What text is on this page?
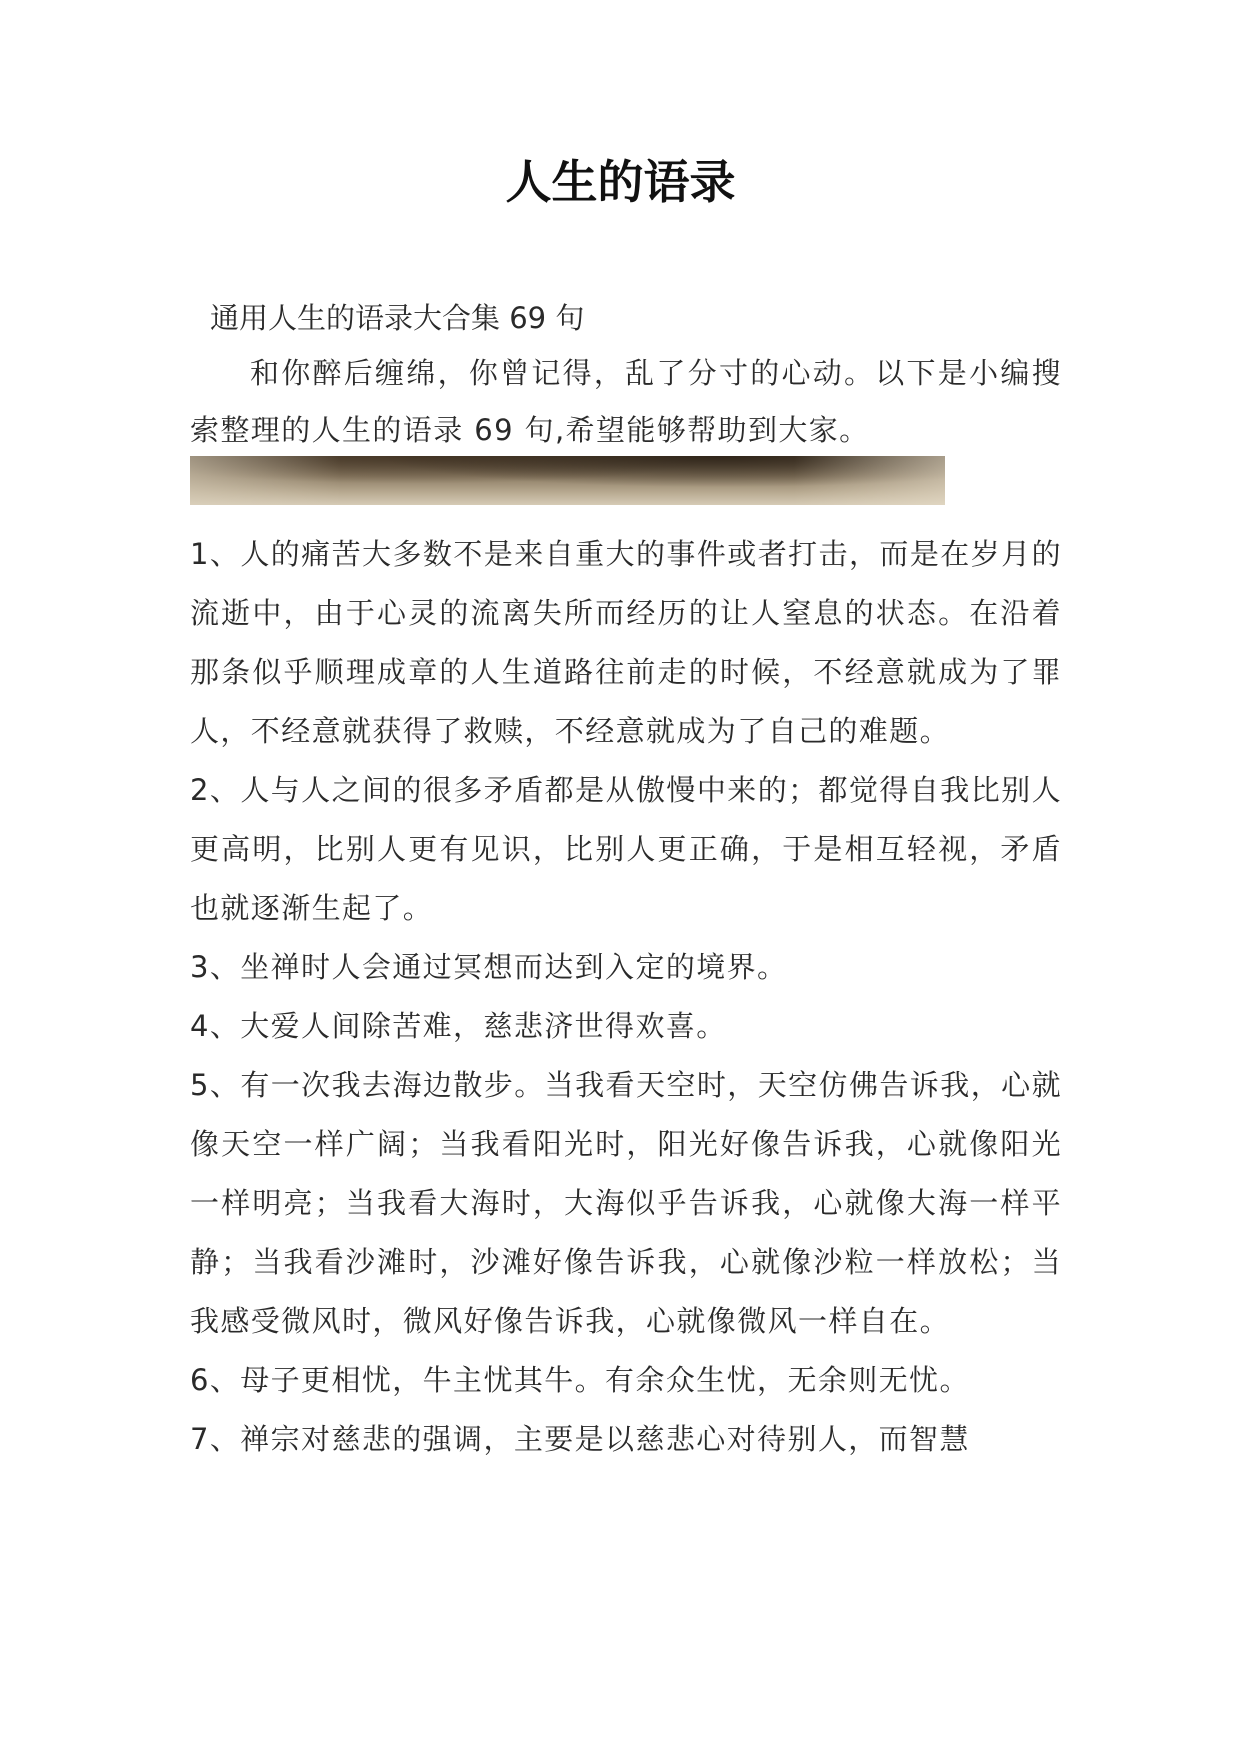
人生的语录

通用人生的语录大合集 69 句

和你醉后缠绵，你曾记得，乱了分寸的心动。以下是小编搜索整理的人生的语录 69 句,希望能够帮助到大家。

1、人的痛苦大多数不是来自重大的事件或者打击，而是在岁月的流逝中，由于心灵的流离失所而经历的让人窒息的状态。在沿着那条似乎顺理成章的人生道路往前走的时候，不经意就成为了罪人，不经意就获得了救赎，不经意就成为了自己的难题。
2、人与人之间的很多矛盾都是从傲慢中来的；都觉得自我比别人更高明，比别人更有见识，比别人更正确，于是相互轻视，矛盾也就逐渐生起了。
3、坐禅时人会通过冥想而达到入定的境界。
4、大爱人间除苦难，慈悲济世得欢喜。
5、有一次我去海边散步。当我看天空时，天空仿佛告诉我，心就像天空一样广阔；当我看阳光时，阳光好像告诉我，心就像阳光一样明亮；当我看大海时，大海似乎告诉我，心就像大海一样平静；当我看沙滩时，沙滩好像告诉我，心就像沙粒一样放松；当我感受微风时，微风好像告诉我，心就像微风一样自在。
6、母子更相忧，牛主忧其牛。有余众生忧，无余则无忧。
7、禅宗对慈悲的强调，主要是以慈悲心对待别人，而智慧
